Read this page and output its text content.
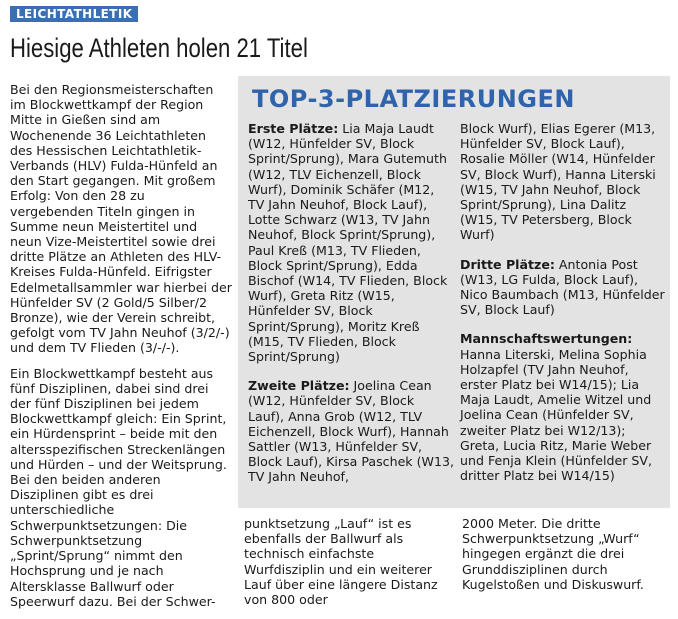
LEICHTATHLETIK
Hiesige Athleten holen 21 Titel

Bei den Regionsmeisterschaften im Blockwettkampf der Region Mitte in Gießen sind am Wochenende 36 Leichtathleten des Hessischen Leichtathletik-Verbands (HLV) Fulda-Hünfeld an den Start gegangen. Mit großem Erfolg: Von den 28 zu vergebenden Titeln gingen in Summe neun Meistertitel und neun Vize-Meistertitel sowie drei dritte Plätze an Athleten des HLV-Kreises Fulda-Hünfeld. Eifrigster Edelmetallsammler war hierbei der Hünfelder SV (2 Gold/5 Silber/2 Bronze), wie der Verein schreibt, gefolgt vom TV Jahn Neuhof (3/2/-) und dem TV Flieden (3/-/-).

Ein Blockwettkampf besteht aus fünf Disziplinen, dabei sind drei der fünf Disziplinen bei jedem Blockwettkampf gleich: Ein Sprint, ein Hürdensprint – beide mit den altersspezifischen Streckenlängen und Hürden – und der Weitsprung. Bei den beiden anderen Disziplinen gibt es drei unterschiedliche Schwerpunktsetzungen: Die Schwerpunktsetzung „Sprint/Sprung“ nimmt den Hochsprung und je nach Altersklasse Ballwurf oder Speerwurf dazu. Bei der Schwer-

TOP-3-PLATZIERUNGEN
Erste Plätze: Lia Maja Laudt (W12, Hünfelder SV, Block Sprint/Sprung), Mara Gutemuth (W12, TLV Eichenzell, Block Wurf), Dominik Schäfer (M12, TV Jahn Neuhof, Block Lauf), Lotte Schwarz (W13, TV Jahn Neuhof, Block Sprint/Sprung), Paul Kreß (M13, TV Flieden, Block Sprint/Sprung), Edda Bischof (W14, TV Flieden, Block Wurf), Greta Ritz (W15, Hünfelder SV, Block Sprint/Sprung), Moritz Kreß (M15, TV Flieden, Block Sprint/Sprung)
Zweite Plätze: Joelina Cean (W12, Hünfelder SV, Block Lauf), Anna Grob (W12, TLV Eichenzell, Block Wurf), Hannah Sattler (W13, Hünfelder SV, Block Lauf), Kirsa Paschek (W13, TV Jahn Neuhof,
Block Wurf), Elias Egerer (M13, Hünfelder SV, Block Lauf), Rosalie Möller (W14, Hünfelder SV, Block Wurf), Hanna Literski (W15, TV Jahn Neuhof, Block Sprint/Sprung), Lina Dalitz (W15, TV Petersberg, Block Wurf)
Dritte Plätze: Antonia Post (W13, LG Fulda, Block Lauf), Nico Baumbach (M13, Hünfelder SV, Block Lauf)
Mannschaftswertungen: Hanna Literski, Melina Sophia Holzapfel (TV Jahn Neuhof, erster Platz bei W14/15); Lia Maja Laudt, Amelie Witzel und Joelina Cean (Hünfelder SV, zweiter Platz bei W12/13); Greta, Lucia Ritz, Marie Weber und Fenja Klein (Hünfelder SV, dritter Platz bei W14/15)
punktsetzung „Lauf“ ist es ebenfalls der Ballwurf als technisch einfachste Wurfdisziplin und ein weiterer Lauf über eine längere Distanz von 800 oder
2000 Meter. Die dritte Schwerpunktsetzung „Wurf“ hingegen ergänzt die drei Grunddisziplinen durch Kugelstoßen und Diskuswurf.
